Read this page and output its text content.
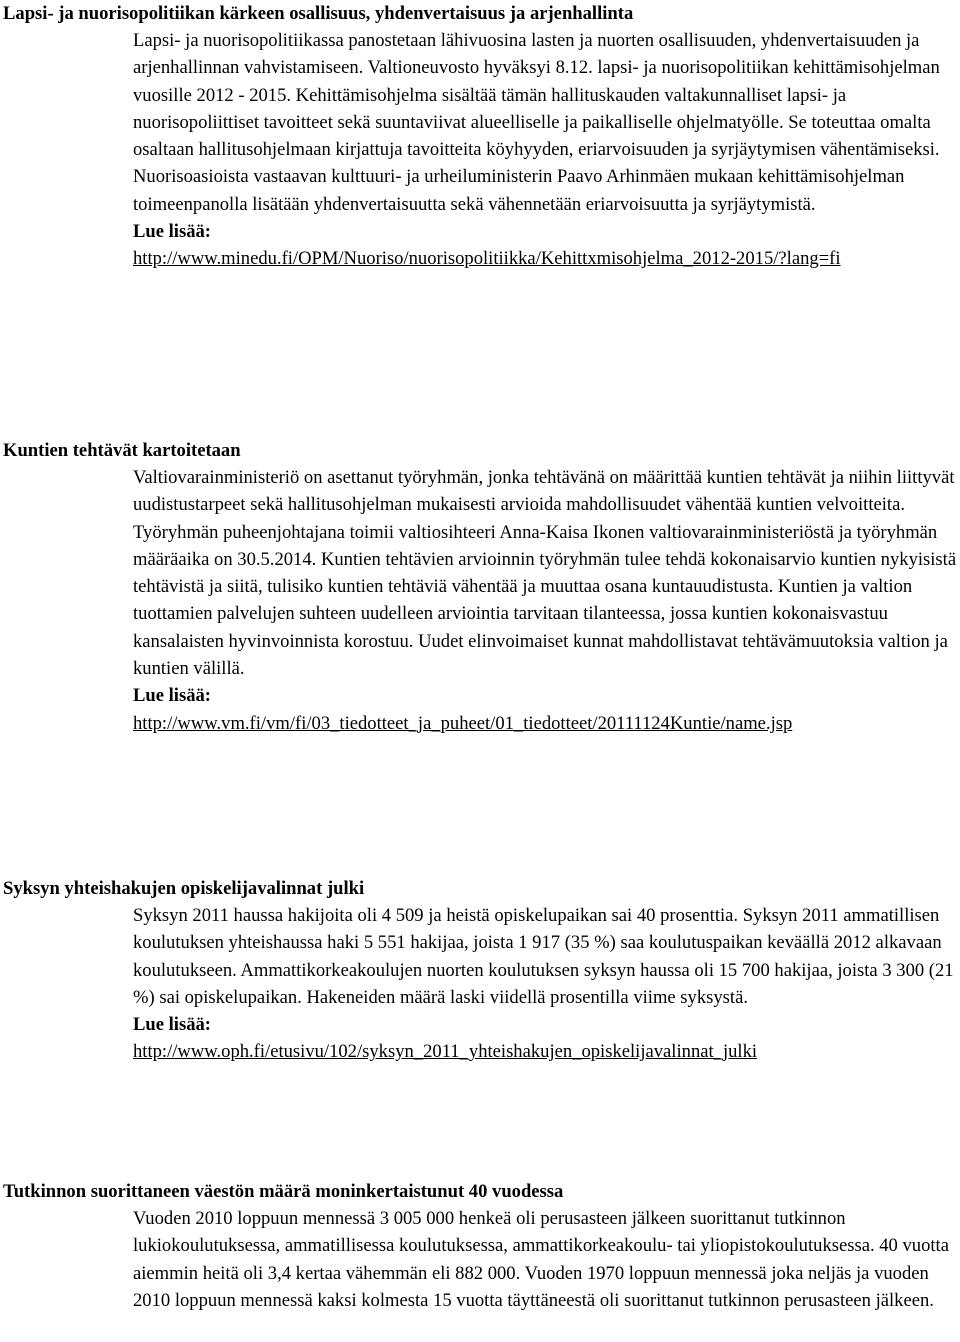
Lapsi- ja nuorisopolitiikan kärkeen osallisuus, yhdenvertaisuus ja arjenhallinta

Lapsi- ja nuorisopolitiikassa panostetaan lähivuosina lasten ja nuorten osallisuuden, yhdenvertaisuuden ja arjenhallinnan vahvistamiseen. Valtioneuvosto hyväksyi 8.12. lapsi- ja nuorisopolitiikan kehittämisohjelman vuosille 2012 - 2015. Kehittämisohjelma sisältää tämän hallituskauden valtakunnalliset lapsi- ja nuorisopoliittiset tavoitteet sekä suuntaviivat alueelliselle ja paikalliselle ohjelmatyölle. Se toteuttaa omalta osaltaan hallitusohjelmaan kirjattuja tavoitteita köyhyyden, eriarvoisuuden ja syrjäytymisen vähentämiseksi. Nuorisoasioista vastaavan kulttuuri- ja urheiluministerin Paavo Arhinmäen mukaan kehittämisohjelman toimeenpanolla lisätään yhdenvertaisuutta sekä vähennetään eriarvoisuutta ja syrjäytymistä.

Lue lisää:
http://www.minedu.fi/OPM/Nuoriso/nuorisopolitiikka/Kehittxmisohjelma_2012-2015/?lang=fi
Kuntien tehtävät kartoitetaan

Valtiovarainministeriö on asettanut työryhmän, jonka tehtävänä on määrittää kuntien tehtävät ja niihin liittyvät uudistustarpeet sekä hallitusohjelman mukaisesti arvioida mahdollisuudet vähentää kuntien velvoitteita. Työryhmän puheenjohtajana toimii valtiosihteeri Anna-Kaisa Ikonen valtiovarainministeriöstä ja työryhmän määräaika on 30.5.2014. Kuntien tehtävien arvioinnin työryhmän tulee tehdä kokonaisarvio kuntien nykyisistä tehtävistä ja siitä, tulisiko kuntien tehtäviä vähentää ja muuttaa osana kuntauudistusta. Kuntien ja valtion tuottamien palvelujen suhteen uudelleen arviointia tarvitaan tilanteessa, jossa kuntien kokonaisvastuu kansalaisten hyvinvoinnista korostuu. Uudet elinvoimaiset kunnat mahdollistavat tehtävämuutoksia valtion ja kuntien välillä.

Lue lisää:
http://www.vm.fi/vm/fi/03_tiedotteet_ja_puheet/01_tiedotteet/20111124Kuntie/name.jsp
Syksyn yhteishakujen opiskelijavalinnat julki

Syksyn 2011 haussa hakijoita oli 4 509 ja heistä opiskelupaikan sai 40 prosenttia. Syksyn 2011 ammatillisen koulutuksen yhteishaussa haki 5 551 hakijaa, joista 1 917 (35 %) saa koulutuspaikan keväällä 2012 alkavaan koulutukseen. Ammattikorkeakoulujen nuorten koulutuksen syksyn haussa oli 15 700 hakijaa, joista 3 300 (21 %) sai opiskelupaikan. Hakeneiden määrä laski viidellä prosentilla viime syksystä.

Lue lisää:
http://www.oph.fi/etusivu/102/syksyn_2011_yhteishakujen_opiskelijavalinnat_julki
Tutkinnon suorittaneen väestön määrä moninkertaistunut 40 vuodessa

Vuoden 2010 loppuun mennessä 3 005 000 henkeä oli perusasteen jälkeen suorittanut tutkinnon lukiokoulutuksessa, ammatillisessa koulutuksessa, ammattikorkeakoulu- tai yliopistokoulutuksessa. 40 vuotta aiemmin heitä oli 3,4 kertaa vähemmän eli 882 000. Vuoden 1970 loppuun mennessä joka neljäs ja vuoden 2010 loppuun mennessä kaksi kolmesta 15 vuotta täyttäneestä oli suorittanut tutkinnon perusasteen jälkeen.
